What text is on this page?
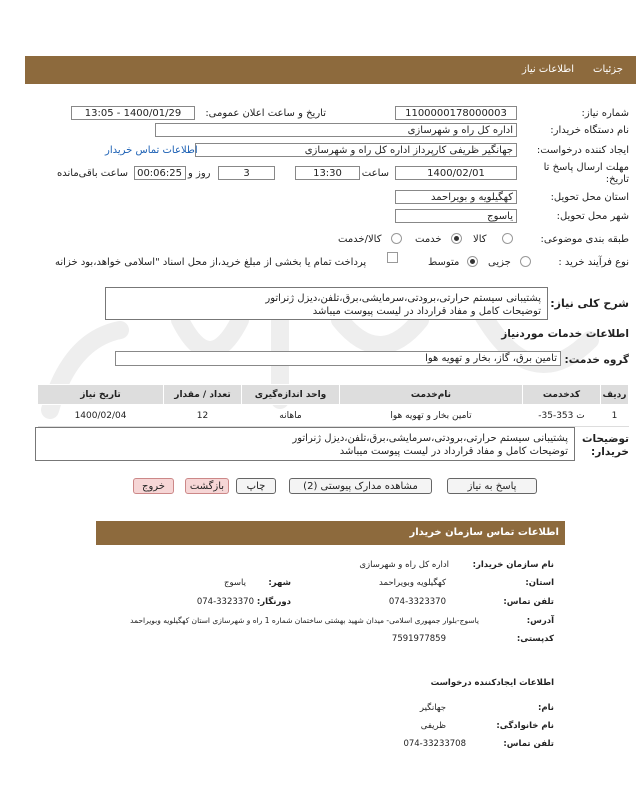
جزئیات
اطلاعات نیاز
شماره نیاز:
1100000178000003
تاریخ و ساعت اعلان عمومی:
1400/01/29 - 13:05
نام دستگاه خریدار:
اداره کل راه و شهرسازی
ایجاد کننده درخواست:
جهانگیر ظریفی کارپرداز اداره کل راه و شهرسازی
اطلاعات تماس خریدار
مهلت ارسال پاسخ تا تاریخ:
1400/02/01
ساعت
13:30
3
روز و
00:06:25
ساعت باقی‌مانده
استان محل تحویل:
کهگیلویه و بویراحمد
شهر محل تحویل:
یاسوج
طبقه بندی موضوعی:
کالا
خدمت
کالا/خدمت
نوع فرآیند خرید :
جزیی
متوسط
پرداخت تمام یا بخشی از مبلغ خرید،از محل اسناد "اسلامی خواهد،بود خزانه
شرح کلی نیاز:
پشتیبانی سیستم حرارتی،برودتی،سرمایشی،برق،تلفن،دیزل ژنراتور
توضیحات کامل و مفاد قرارداد در لیست پیوست میباشد
اطلاعات خدمات موردنیاز
گروه خدمت:
تامین برق، گاز، بخار و تهویه هوا
ردیف	کدخدمت	نام‌خدمت	واحد اندازه‌گیری	تعداد / مقدار	تاریخ نیاز
1	ت 353-35-	تامین بخار و تهویه هوا	ماهانه	12	1400/02/04
توضیحات خریدار:
پشتیبانی سیستم حرارتی،برودتی،سرمایشی،برق،تلفن،دیزل ژنراتور
توضیحات کامل و مفاد قرارداد در لیست پیوست میباشد
پاسخ به نیاز
مشاهده مدارک پیوستی (2)
چاپ
بازگشت
خروج
اطلاعات تماس سازمان خریدار
نام سازمان خریدار:
اداره کل راه و شهرسازی
استان:
کهگیلویه وبویراحمد
شهر:
یاسوج
تلفن تماس:
074-3323370
دورنگار:
074-3323370
آدرس:
یاسوج-بلوار جمهوری اسلامی- میدان شهید بهشتی ساختمان شماره 1 راه و شهرسازی استان کهگیلویه وبویراحمد
کدپستی:
7591977859
اطلاعات ایجادکننده درخواست
نام:
جهانگیر
نام خانوادگی:
ظریفی
تلفن تماس:
074-33233708
